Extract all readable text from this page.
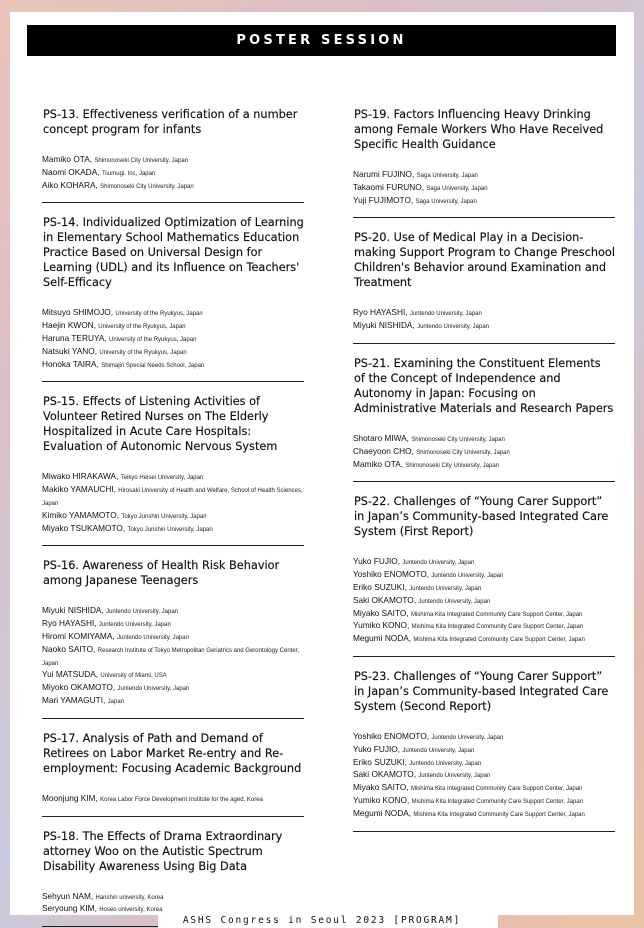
POSTER SESSION
PS-13. Effectiveness verification of a number concept program for infants
Mamiko OTA, Shimonoseki City University, Japan
Naomi OKADA, Tsumugi. Inc, Japan
Aiko KOHARA, Shimonoseki City University, Japan
PS-14. Individualized Optimization of Learning in Elementary School Mathematics Education Practice Based on Universal Design for Learning (UDL) and its Influence on Teachers' Self-Efficacy
Mitsuyo SHIMOJO, University of the Ryukyus, Japan
Haejin KWON, University of the Ryukyus, Japan
Haruna TERUYA, University of the Ryukyus, Japan
Natsuki YANO, University of the Ryukyus, Japan
Honoka TAIRA, Shimajiri Special Needs School, Japan
PS-15. Effects of Listening Activities of Volunteer Retired Nurses on The Elderly Hospitalized in Acute Care Hospitals: Evaluation of Autonomic Nervous System
Miwako HIRAKAWA, Teikyo Heisei University, Japan
Makiko YAMAUCHI, Hirosaki University of Health and Welfare, School of Health Sciences, Japan
Kimiko YAMAMOTO, Tokyo Junshin University, Japan
Miyako TSUKAMOTO, Tokyo Junshin University, Japan
PS-16. Awareness of Health Risk Behavior among Japanese Teenagers
Miyuki NISHIDA, Juntendo University, Japan
Ryo HAYASHI, Juntendo University, Japan
Hiromi KOMIYAMA, Juntendo University, Japan
Naoko SAITO, Research Institute of Tokyo Metropolitan Geriatrics and Gerontology Center, Japan
Yui MATSUDA, University of Miami, USA
Miyoko OKAMOTO, Juntendo University, Japan
Mari YAMAGUTI, Japan
PS-17. Analysis of Path and Demand of Retirees on Labor Market Re-entry and Re-employment: Focusing Academic Background
Moonjung KIM, Korea Labor Force Development Institute for the aged, Korea
PS-18. The Effects of Drama Extraordinary attorney Woo on the Autistic Spectrum Disability Awareness Using Big Data
Sehyun NAM, Hanshin university, Korea
Seryoung KIM, Hoseo university, Korea
PS-19. Factors Influencing Heavy Drinking among Female Workers Who Have Received Specific Health Guidance
Narumi FUJINO, Saga University, Japan
Takaomi FURUNO, Saga University, Japan
Yuji FUJIMOTO, Saga University, Japan
PS-20. Use of Medical Play in a Decision-making Support Program to Change Preschool Children's Behavior around Examination and Treatment
Ryo HAYASHI, Juntendo University, Japan
Miyuki NISHIDA, Juntendo University, Japan
PS-21. Examining the Constituent Elements of the Concept of Independence and Autonomy in Japan: Focusing on Administrative Materials and Research Papers
Shotaro MIWA, Shimonoseki City University, Japan
Chaeyoon CHO, Shimonoseki City University, Japan
Mamiko OTA, Shimonoseki City University, Japan
PS-22. Challenges of “Young Carer Support” in Japan’s Community-based Integrated Care System (First Report)
Yuko FUJIO, Juntendo University, Japan
Yoshiko ENOMOTO, Juntendo University, Japan
Eriko SUZUKI, Juntendo University, Japan
Saki OKAMOTO, Juntendo University, Japan
Miyako SAITO, Mishima Kita Integrated Community Care Support Center, Japan
Yumiko KONO, Mishima Kita Integrated Community Care Support Center, Japan
Megumi NODA, Mishima Kita Integrated Community Care Support Center, Japan
PS-23. Challenges of “Young Carer Support” in Japan’s Community-based Integrated Care System (Second Report)
Yoshiko ENOMOTO, Juntendo University, Japan
Yuko FUJIO, Juntendo University, Japan
Eriko SUZUKI, Juntendo University, Japan
Saki OKAMOTO, Juntendo University, Japan
Miyako SAITO, Mishima Kita Integrated Community Care Support Center, Japan
Yumiko KONO, Mishima Kita Integrated Community Care Support Center, Japan
Megumi NODA, Mishima Kita Integrated Community Care Support Center, Japan
ASHS Congress in Seoul 2023 [PROGRAM]
